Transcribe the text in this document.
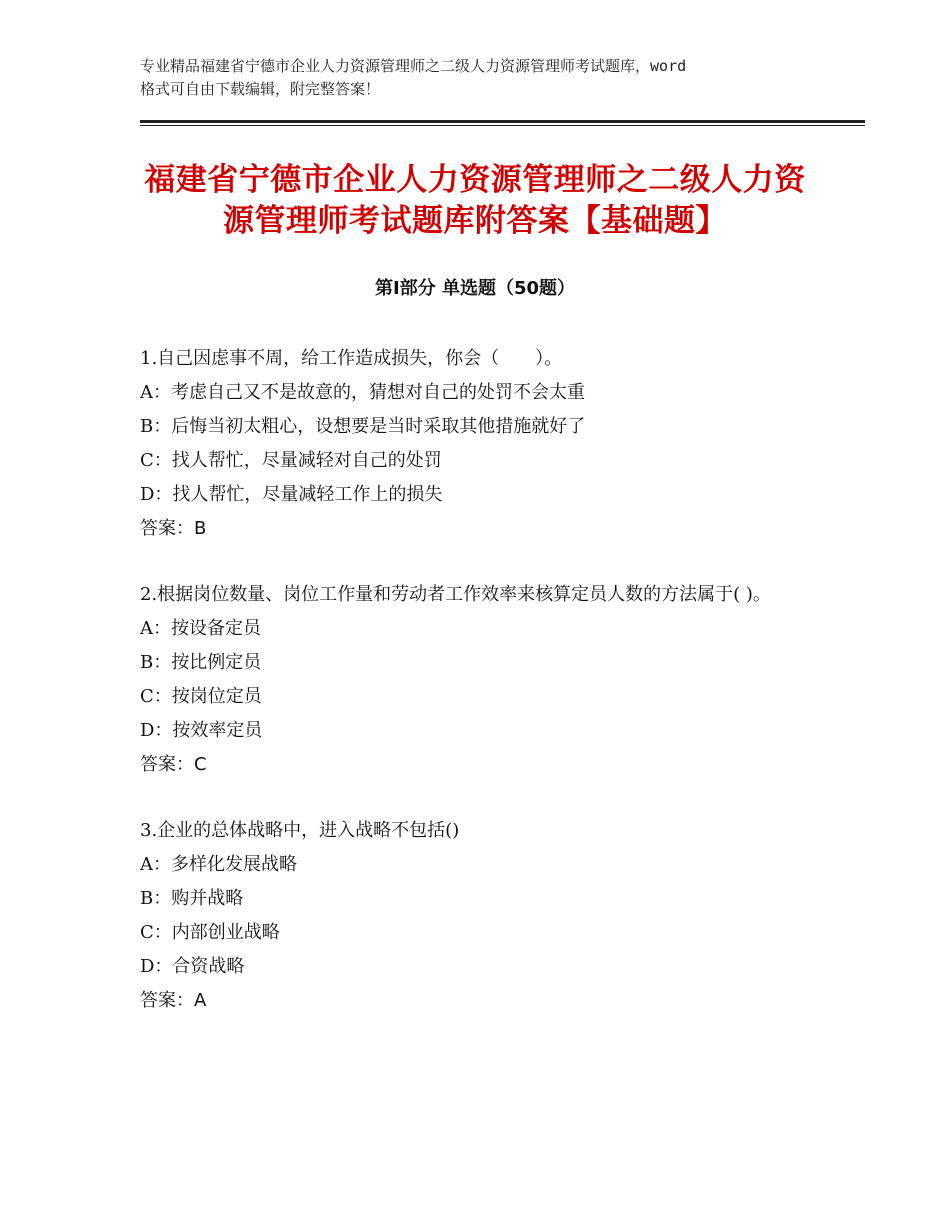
专业精品福建省宁德市企业人力资源管理师之二级人力资源管理师考试题库，word
格式可自由下载编辑，附完整答案！
福建省宁德市企业人力资源管理师之二级人力资源管理师考试题库附答案【基础题】
第Ⅰ部分 单选题（50题）

1.自己因虑事不周，给工作造成损失，你会（　　）。

A：考虑自己又不是故意的，猜想对自己的处罚不会太重

B：后悔当初太粗心，设想要是当时采取其他措施就好了

C：找人帮忙，尽量减轻对自己的处罚

D：找人帮忙，尽量减轻工作上的损失

答案：B

2.根据岗位数量、岗位工作量和劳动者工作效率来核算定员人数的方法属于( )。

A：按设备定员

B：按比例定员

C：按岗位定员

D：按效率定员

答案：C

3.企业的总体战略中，进入战略不包括()

A：多样化发展战略

B：购并战略

C：内部创业战略

D：合资战略

答案：A
